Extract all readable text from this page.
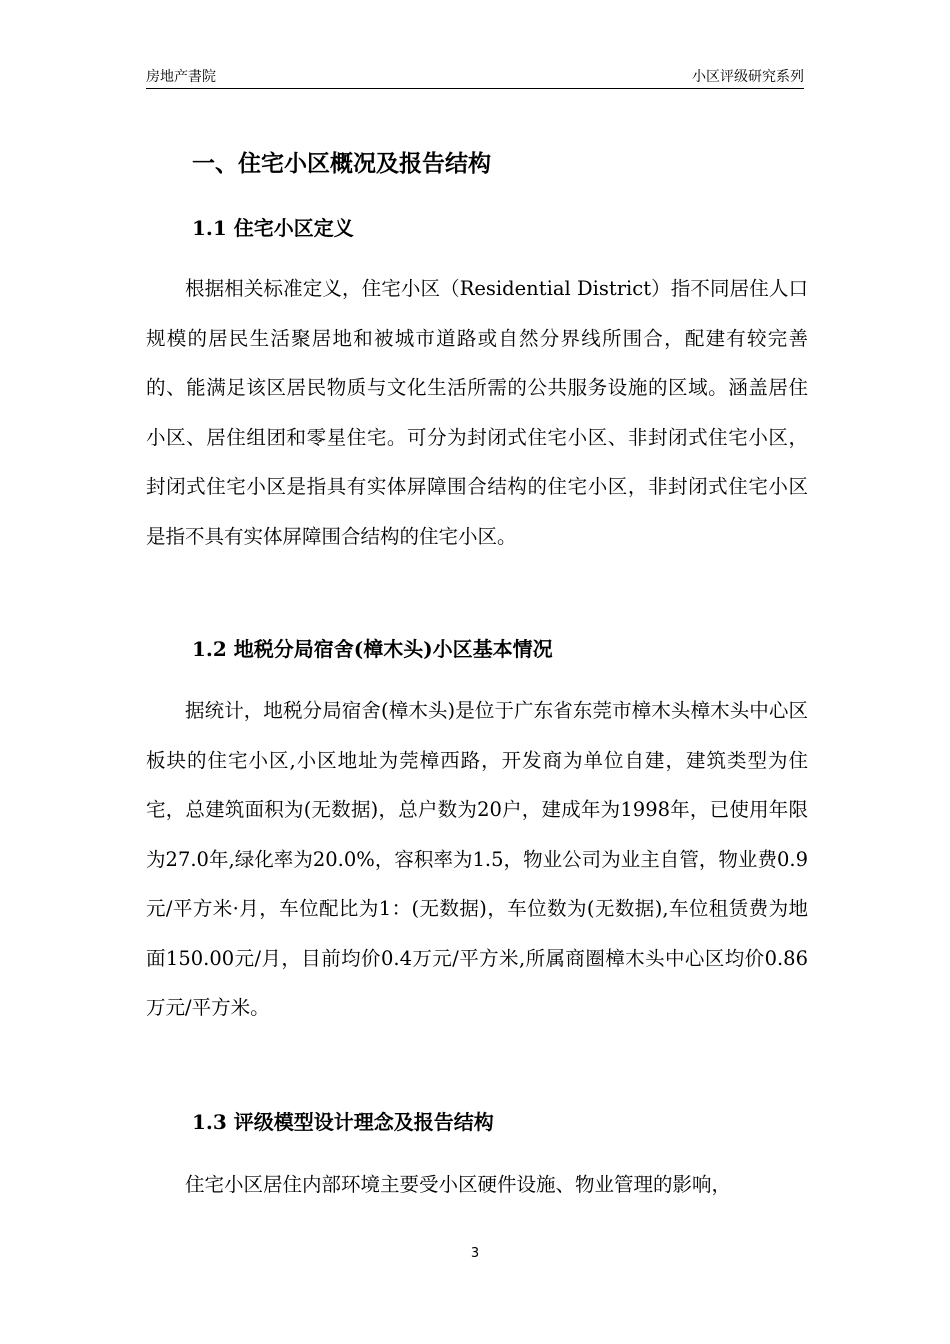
房地产書院	小区评级研究系列
一、住宅小区概况及报告结构
1.1 住宅小区定义

根据相关标准定义，住宅小区（Residential District）指不同居住人口规模的居民生活聚居地和被城市道路或自然分界线所围合，配建有较完善的、能满足该区居民物质与文化生活所需的公共服务设施的区域。涵盖居住小区、居住组团和零星住宅。可分为封闭式住宅小区、非封闭式住宅小区，封闭式住宅小区是指具有实体屏障围合结构的住宅小区，非封闭式住宅小区是指不具有实体屏障围合结构的住宅小区。

1.2 地税分局宿舍(樟木头)小区基本情况

据统计，地税分局宿舍(樟木头)是位于广东省东莞市樟木头樟木头中心区板块的住宅小区,小区地址为莞樟西路，开发商为单位自建，建筑类型为住宅，总建筑面积为(无数据)，总户数为20户，建成年为1998年，已使用年限为27.0年,绿化率为20.0%，容积率为1.5，物业公司为业主自管，物业费0.9元/平方米·月，车位配比为1：(无数据)，车位数为(无数据),车位租赁费为地面150.00元/月，目前均价0.4万元/平方米,所属商圈樟木头中心区均价0.86万元/平方米。

1.3 评级模型设计理念及报告结构

住宅小区居住内部环境主要受小区硬件设施、物业管理的影响，

3
